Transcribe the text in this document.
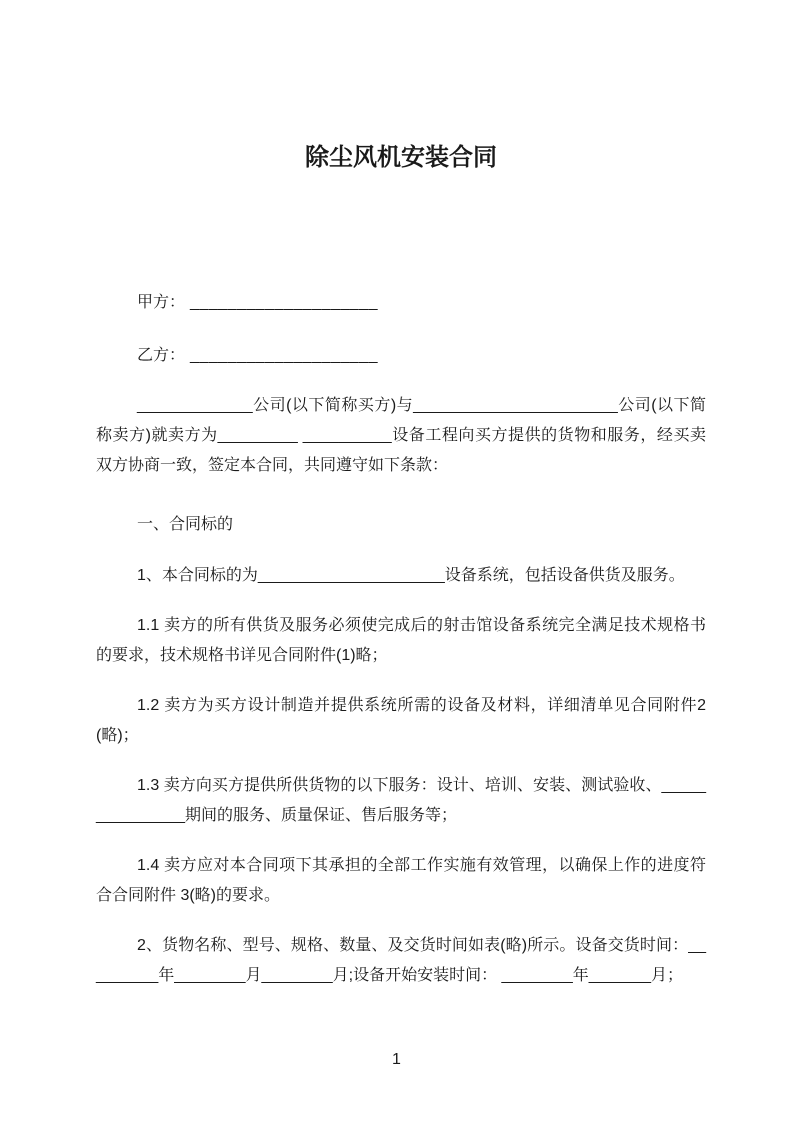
除尘风机安装合同

甲方： ____________________

乙方： ____________________

_____________公司(以下简称买方)与_______________________公司(以下简称卖方)就卖方为_________ __________设备工程向买方提供的货物和服务，经买卖双方协商一致，签定本合同，共同遵守如下条款：

一、合同标的

1、本合同标的为_____________________设备系统，包括设备供货及服务。

1.1 卖方的所有供货及服务必须使完成后的射击馆设备系统完全满足技术规格书的要求，技术规格书详见合同附件(1)略；

1.2 卖方为买方设计制造并提供系统所需的设备及材料，详细清单见合同附件2(略)；

1.3 卖方向买方提供所供货物的以下服务：设计、培训、安装、测试验收、_______________期间的服务、质量保证、售后服务等；

1.4 卖方应对本合同项下其承担的全部工作实施有效管理，以确保上作的进度符合合同附件 3(略)的要求。

2、货物名称、型号、规格、数量、及交货时间如表(略)所示。设备交货时间：_________年________月________月;设备开始安装时间： ________年_______月；

1
